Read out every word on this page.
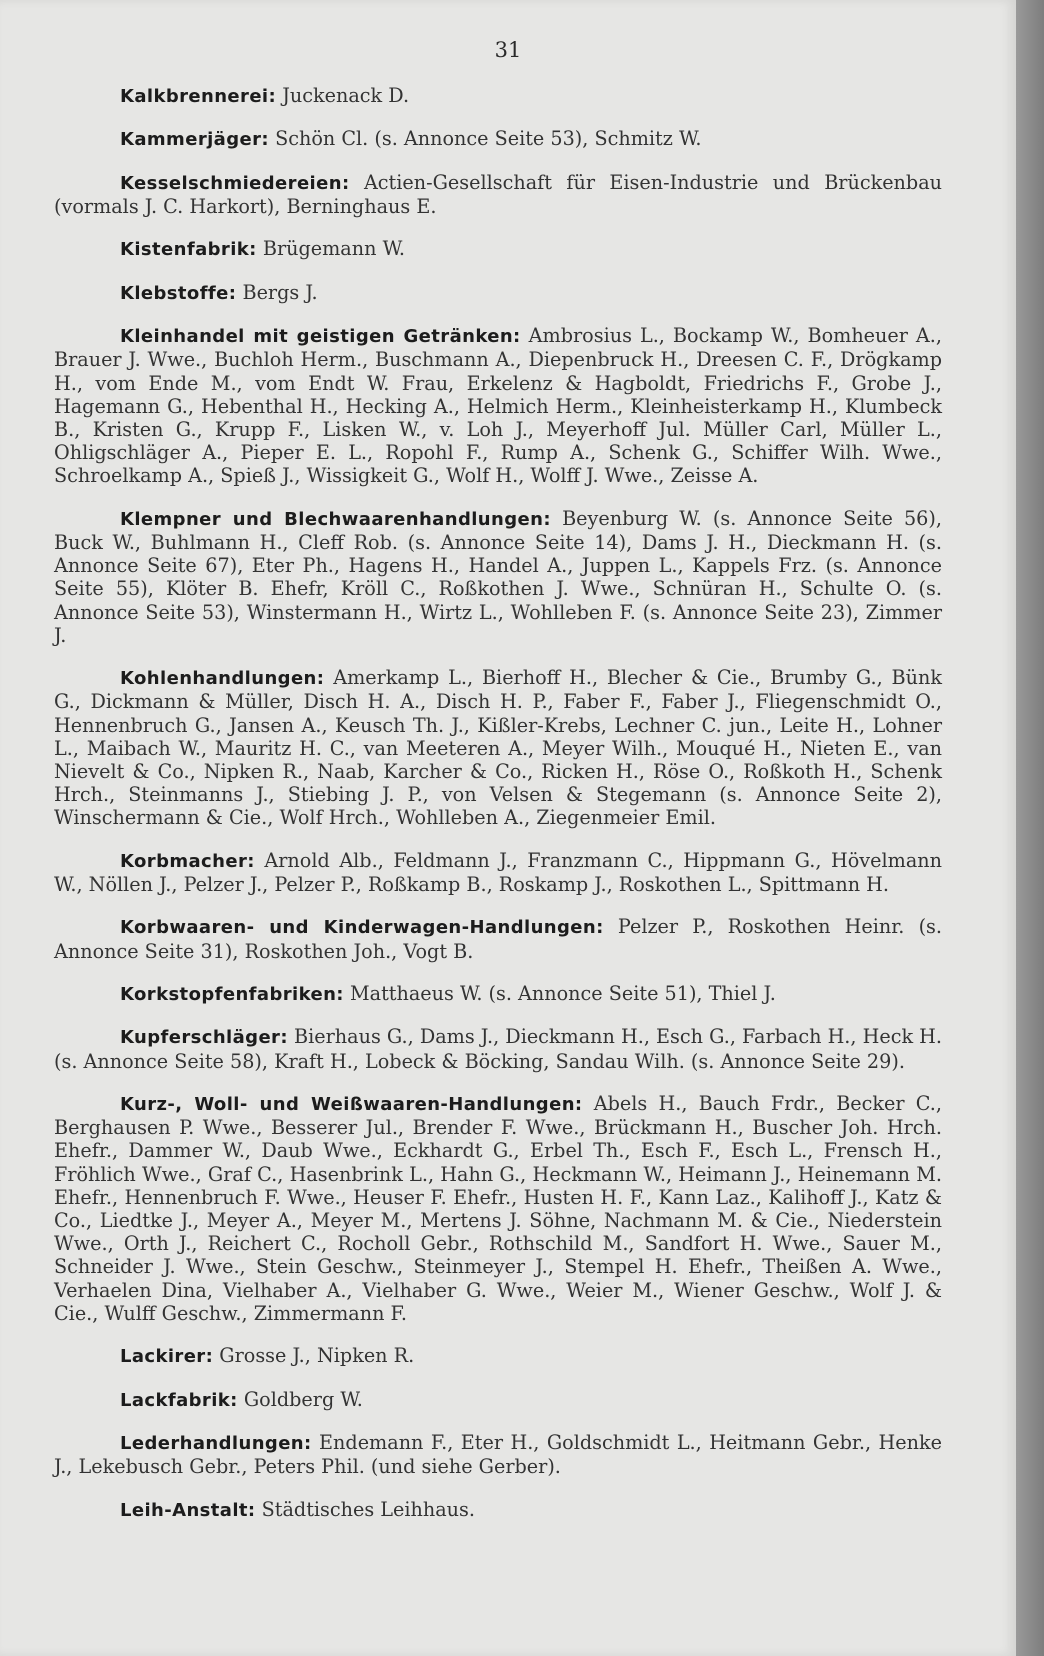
31

Kalkbrennerei: Juckenack D.

Kammerjäger: Schön Cl. (s. Annonce Seite 53), Schmitz W.

Kesselschmiedereien: Actien-Gesellschaft für Eisen-Industrie und Brückenbau (vormals J. C. Harkort), Berninghaus E.

Kistenfabrik: Brügemann W.

Klebstoffe: Bergs J.

Kleinhandel mit geistigen Getränken: Ambrosius L., Bockamp W., Bomheuer A., Brauer J. Wwe., Buchloh Herm., Buschmann A., Diepenbruck H., Dreesen C. F., Drögkamp H., vom Ende M., vom Endt W. Frau, Erkelenz & Hagboldt, Friedrichs F., Grobe J., Hagemann G., Hebenthal H., Hecking A., Helmich Herm., Kleinheisterkamp H., Klumbeck B., Kristen G., Krupp F., Lisken W., v. Loh J., Meyerhoff Jul. Müller Carl, Müller L., Ohligschläger A., Pieper E. L., Ropohl F., Rump A., Schenk G., Schiffer Wilh. Wwe., Schroelkamp A., Spieß J., Wissigkeit G., Wolf H., Wolff J. Wwe., Zeisse A.

Klempner und Blechwaarenhandlungen: Beyenburg W. (s. Annonce Seite 56), Buck W., Buhlmann H., Cleff Rob. (s. Annonce Seite 14), Dams J. H., Dieckmann H. (s. Annonce Seite 67), Eter Ph., Hagens H., Handel A., Juppen L., Kappels Frz. (s. Annonce Seite 55), Klöter B. Ehefr, Kröll C., Roßkothen J. Wwe., Schnüran H., Schulte O. (s. Annonce Seite 53), Winstermann H., Wirtz L., Wohlleben F. (s. Annonce Seite 23), Zimmer J.

Kohlenhandlungen: Amerkamp L., Bierhoff H., Blecher & Cie., Brumby G., Bünk G., Dickmann & Müller, Disch H. A., Disch H. P., Faber F., Faber J., Fliegenschmidt O., Hennenbruch G., Jansen A., Keusch Th. J., Kißler-Krebs, Lechner C. jun., Leite H., Lohner L., Maibach W., Mauritz H. C., van Meeteren A., Meyer Wilh., Mouqué H., Nieten E., van Nievelt & Co., Nipken R., Naab, Karcher & Co., Ricken H., Röse O., Roßkoth H., Schenk Hrch., Steinmanns J., Stiebing J. P., von Velsen & Stegemann (s. Annonce Seite 2), Winschermann & Cie., Wolf Hrch., Wohlleben A., Ziegenmeier Emil.

Korbmacher: Arnold Alb., Feldmann J., Franzmann C., Hippmann G., Hövelmann W., Nöllen J., Pelzer J., Pelzer P., Roßkamp B., Roskamp J., Roskothen L., Spittmann H.

Korbwaaren- und Kinderwagen-Handlungen: Pelzer P., Roskothen Heinr. (s. Annonce Seite 31), Roskothen Joh., Vogt B.

Korkstopfenfabriken: Matthaeus W. (s. Annonce Seite 51), Thiel J.

Kupferschläger: Bierhaus G., Dams J., Dieckmann H., Esch G., Farbach H., Heck H. (s. Annonce Seite 58), Kraft H., Lobeck & Böcking, Sandau Wilh. (s. Annonce Seite 29).

Kurz-, Woll- und Weißwaaren-Handlungen: Abels H., Bauch Frdr., Becker C., Berghausen P. Wwe., Besserer Jul., Brender F. Wwe., Brückmann H., Buscher Joh. Hrch. Ehefr., Dammer W., Daub Wwe., Eckhardt G., Erbel Th., Esch F., Esch L., Frensch H., Fröhlich Wwe., Graf C., Hasenbrink L., Hahn G., Heckmann W., Heimann J., Heinemann M. Ehefr., Hennenbruch F. Wwe., Heuser F. Ehefr., Husten H. F., Kann Laz., Kalihoff J., Katz & Co., Liedtke J., Meyer A., Meyer M., Mertens J. Söhne, Nachmann M. & Cie., Niederstein Wwe., Orth J., Reichert C., Rocholl Gebr., Rothschild M., Sandfort H. Wwe., Sauer M., Schneider J. Wwe., Stein Geschw., Steinmeyer J., Stempel H. Ehefr., Theißen A. Wwe., Verhaelen Dina, Vielhaber A., Vielhaber G. Wwe., Weier M., Wiener Geschw., Wolf J. & Cie., Wulff Geschw., Zimmermann F.

Lackirer: Grosse J., Nipken R.

Lackfabrik: Goldberg W.

Lederhandlungen: Endemann F., Eter H., Goldschmidt L., Heitmann Gebr., Henke J., Lekebusch Gebr., Peters Phil. (und siehe Gerber).

Leih-Anstalt: Städtisches Leihhaus.
